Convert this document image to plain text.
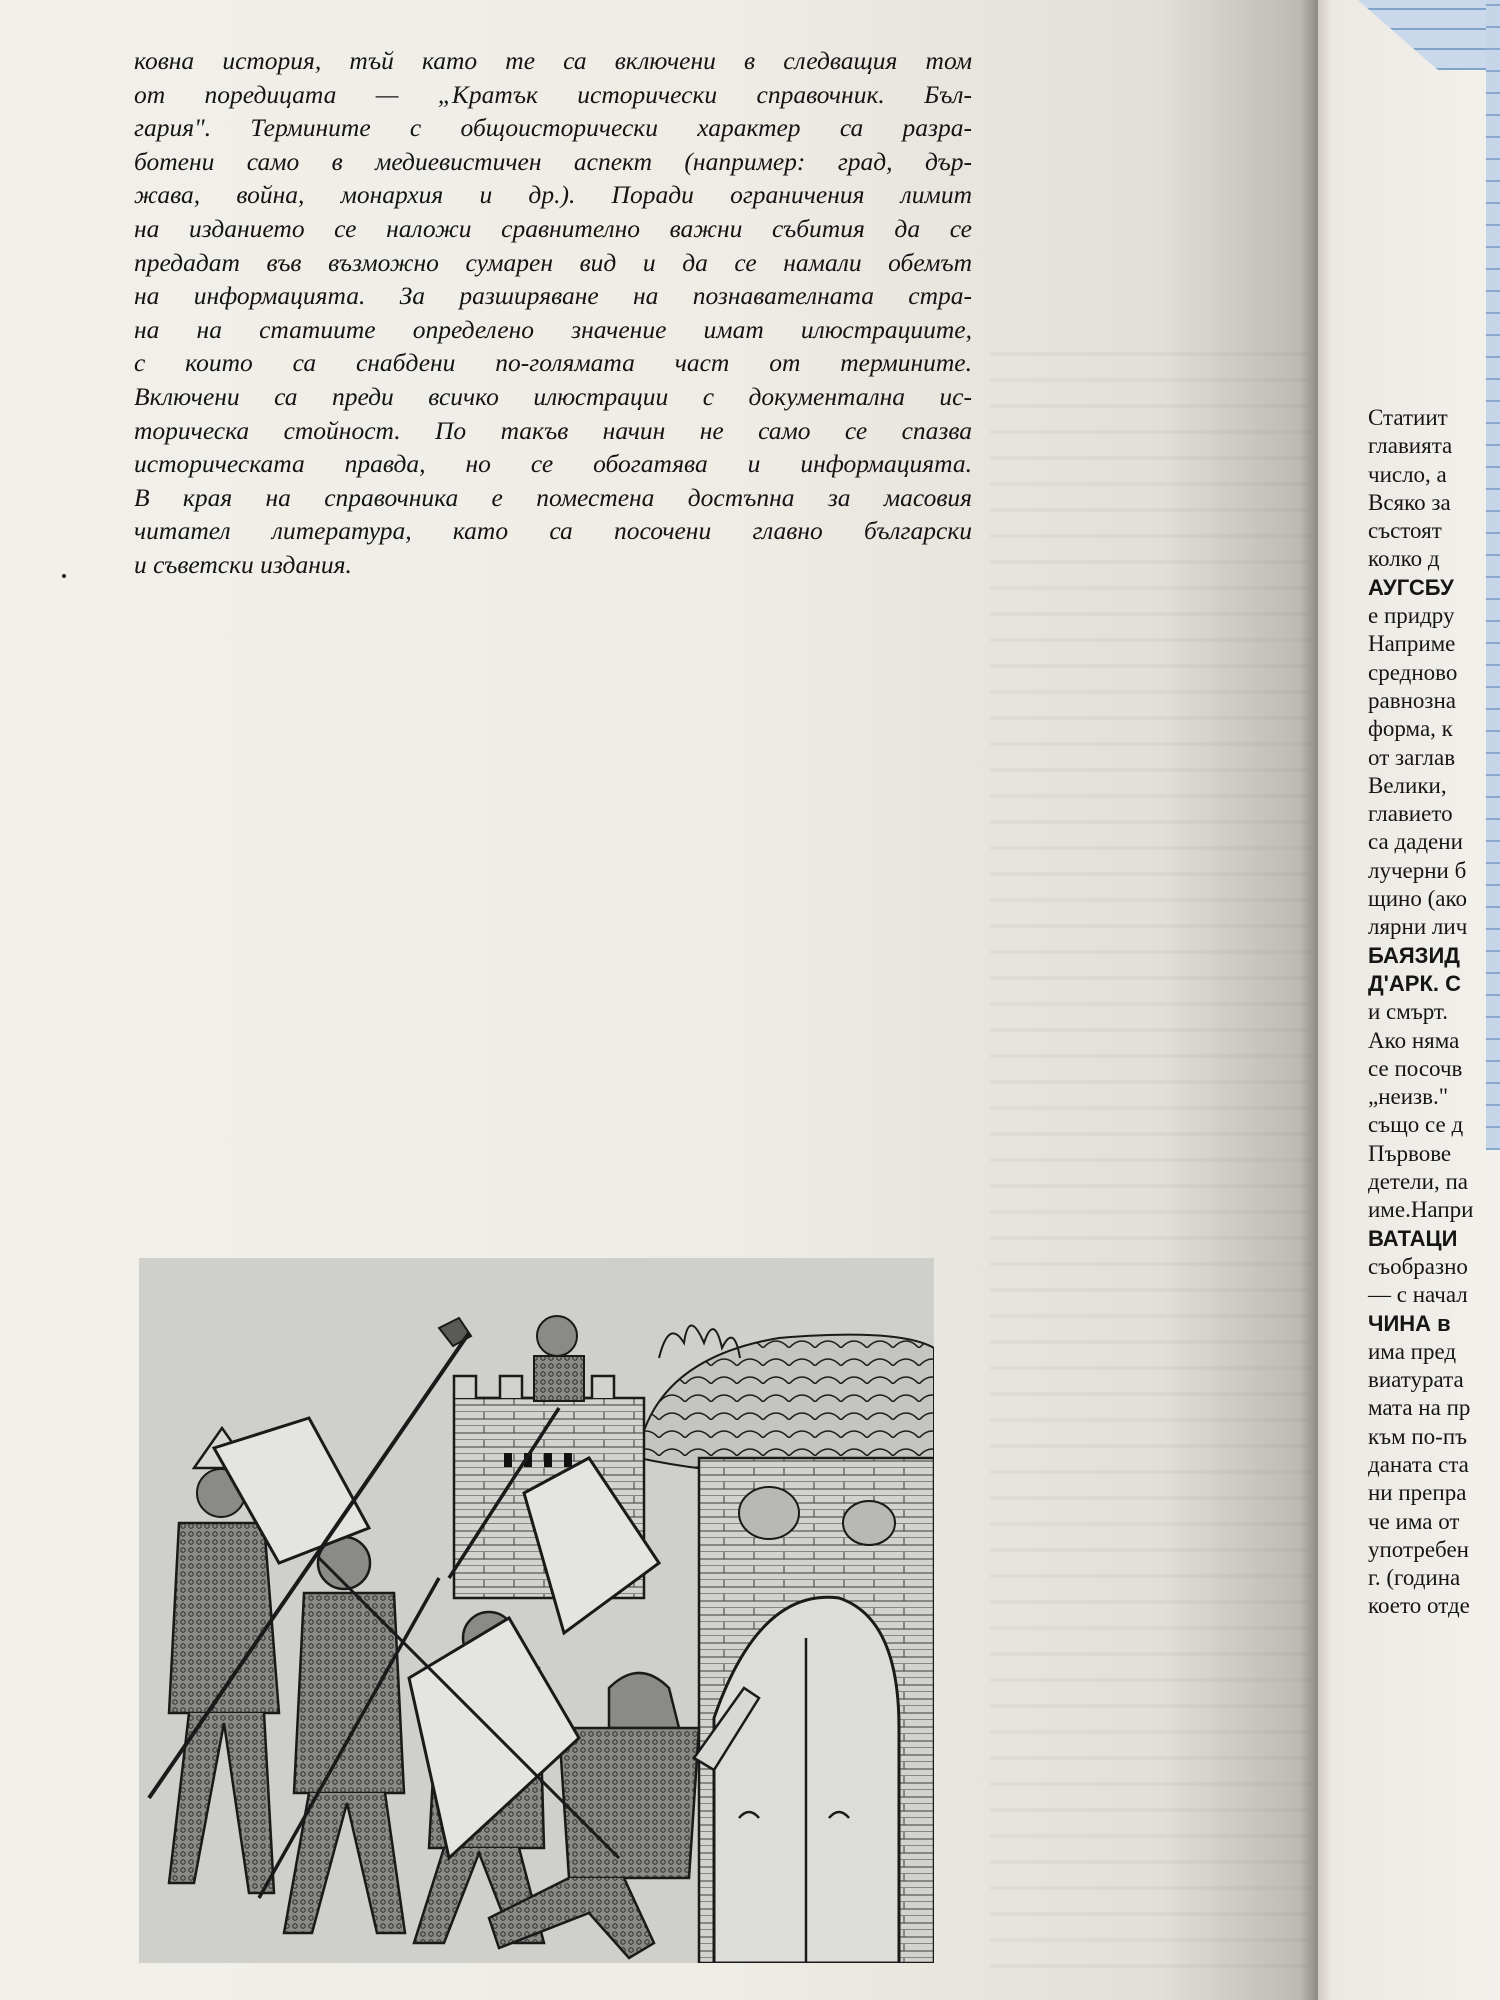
ковна история, тъй като те са включени в следващия том
от поредицата — „Кратък исторически справочник. Бъл-
гария". Термините с общоисторически характер са разра-
ботени само в медиевистичен аспект (например: град, дър-
жава, война, монархия и др.). Поради ограничения лимит
на изданието се наложи сравнително важни събития да се
предадат във възможно сумарен вид и да се намали обемът
на информацията. За разширяване на познавателната стра-
на на статиите определено значение имат илюстрациите,
с които са снабдени по-голямата част от термините.
Включени са преди всичко илюстрации с документална ис-
торическа стойност. По такъв начин не само се спазва
историческата правда, но се обогатява и информацията.
В края на справочника е поместена достъпна за масовия
читател литература, като са посочени главно български
и съветски издания.

Статиит
главията
число, а
Всяко за
състоят
колко д
АУГСБУ
е придру
Наприме
средново
равнозна
форма, к
от заглав
Велики,
главието
са дадени
лучерни б
щино (ако
лярни лич
БАЯЗИД
Д'АРК. С
и смърт.
Ако няма
се посочв
„неизв."
също се д
Първове
детели, па
име.Напри
ВАТАЦИ
съобразно
— с начал
ЧИНА в
има пред
виатурата
мата на пр
към по-пъ
даната ста
ни препра
че има от
употребен
г. (година
което отде
